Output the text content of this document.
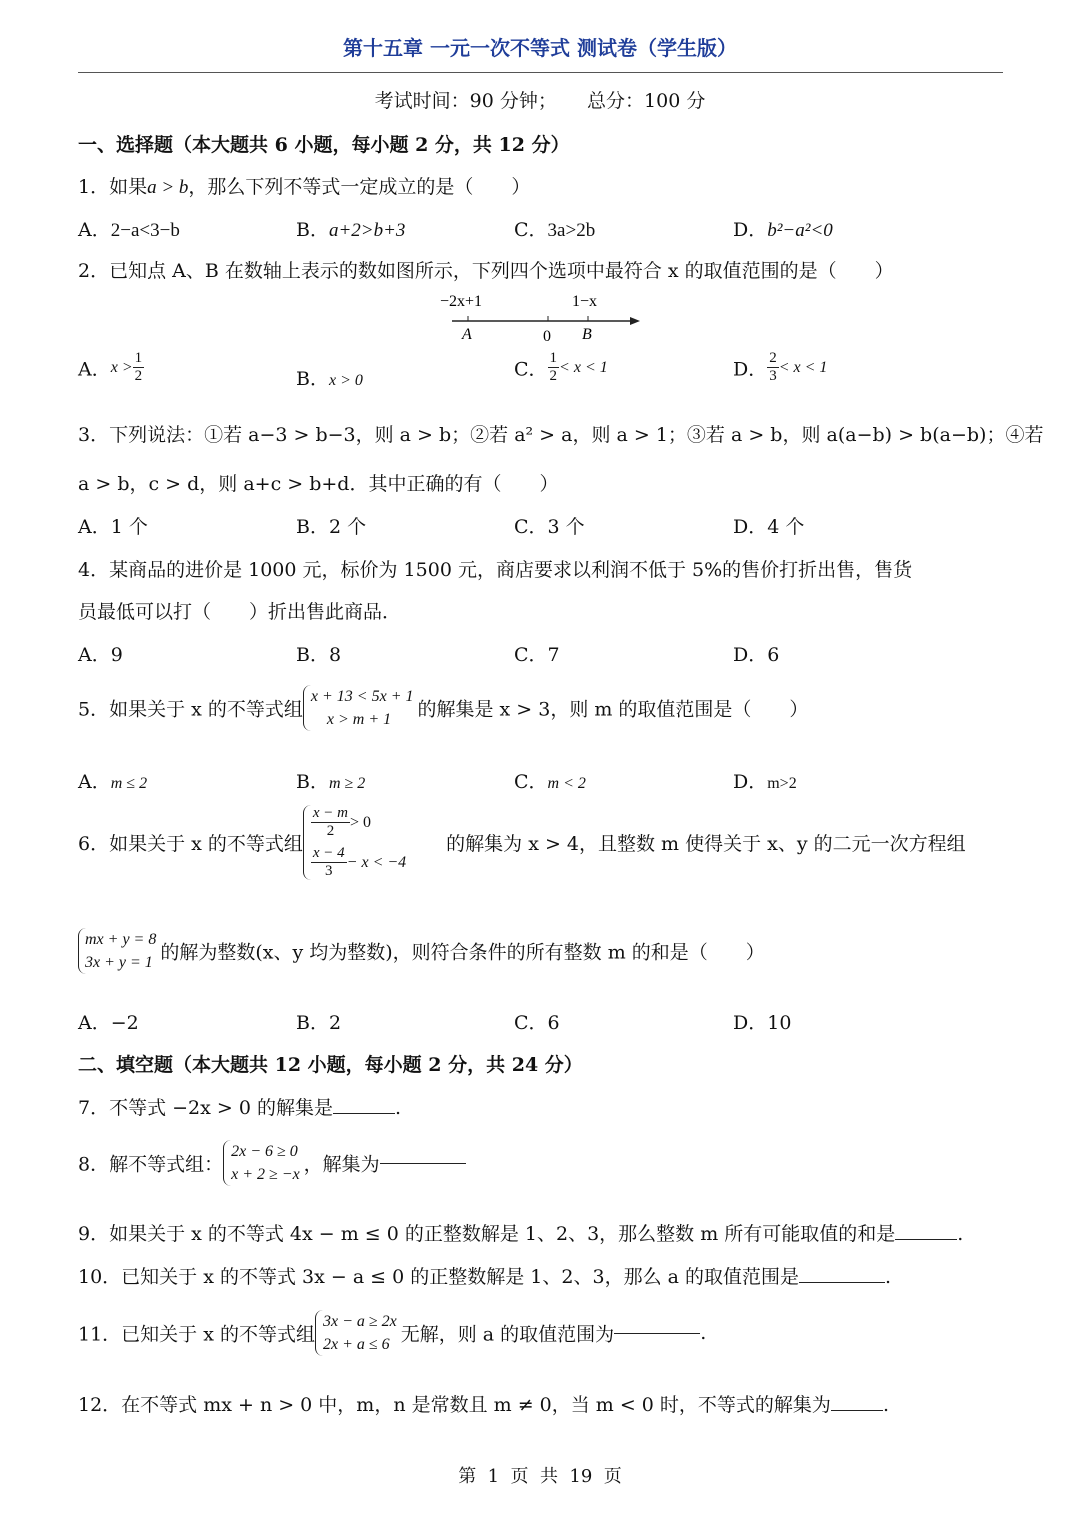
第十五章 一元一次不等式 测试卷（学生版）
考试时间：90 分钟；     总分：100 分
一、选择题（本大题共 6 小题，每小题 2 分，共 12 分）
1．如果a > b，那么下列不等式一定成立的是（　　）
A．2−a<3−b	B．a+2>b+3	C．3a>2b	D．b²−a²<0
2．已知点 A、B 在数轴上表示的数如图所示，下列四个选项中最符合 x 的取值范围的是（　　）
−2x+1	1−x
A	0 B
A．$x > \frac{1}{2}$	B．x > 0
C． $\frac{1}{2} < x < 1$	D． $\frac{2}{3} < x < 1$
3．下列说法：①若 a−3 > b−3，则 a > b；②若 a² > a，则 a > 1；③若 a > b，则 a(a−b) > b(a−b)；④若
a > b，c > d，则 a+c > b+d．其中正确的有（　　）
A．1 个	B．2 个	C．3 个	D．4 个
4．某商品的进价是 1000 元，标价为 1500 元，商店要求以利润不低于 5%的售价打折出售，售货
员最低可以打（　　）折出售此商品．
A．9	B．8	C．7	D．6
5．如果关于 x 的不等式组
x + 13 < 5x + 1
x > m + 1	的解集是 x > 3，则 m 的取值范围是（　　）
A．m ≤ 2	B．m ≥ 2	C．m < 2	D．m>2
6．如果关于 x 的不等式组
$\frac{x - m}{2} > 0$
$\frac{x - 4}{3} - x < -4$
的解集为 x > 4，且整数 m 使得关于 x、y 的二元一次方程组
mx + y = 8
3x + y = 1 的解为整数(x、y 均为整数)，则符合条件的所有整数 m 的和是（　　）
A．−2	B．2	C．6	D．10
二、填空题（本大题共 12 小题，每小题 2 分，共 24 分）
7．不等式 −2x > 0 的解集是	.
8．解不等式组：
2x − 6 ≥ 0
x + 2 ≥ −x ，解集为
9．如果关于 x 的不等式 4x − m ≤ 0 的正整数解是 1、2、3，那么整数 m 所有可能取值的和是	.
10．已知关于 x 的不等式 3x − a ≤ 0 的正整数解是 1、2、3，那么 a 的取值范围是	.
11．已知关于 x 的不等式组
3x − a ≥ 2x
2x + a ≤ 6 无解，则 a 的取值范围为	.
12．在不等式 mx + n > 0 中，m，n 是常数且 m ≠ 0，当 m < 0 时，不等式的解集为	.
第  1  页  共  19  页
